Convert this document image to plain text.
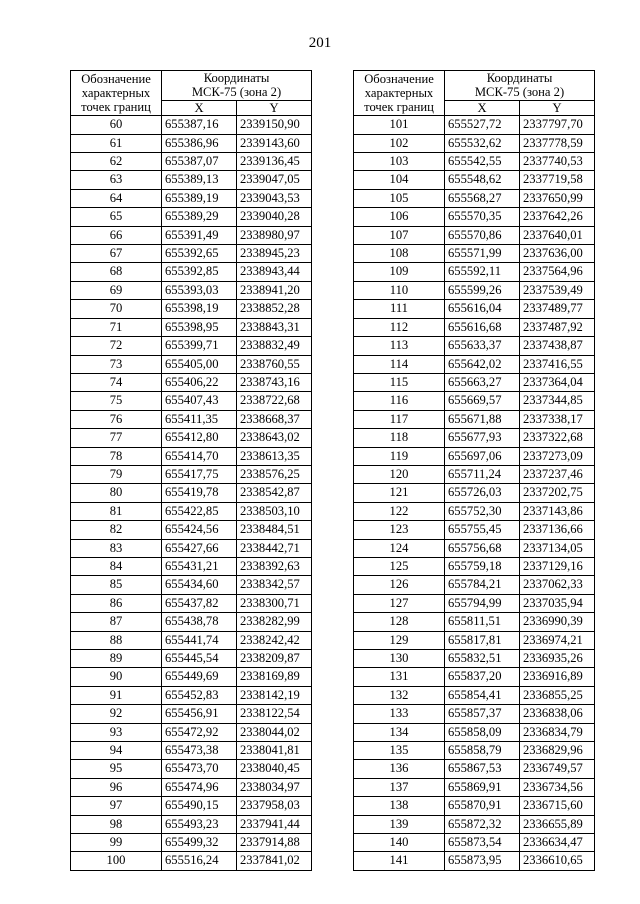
201
Обозначение
характерных
точек границ	Координаты
МСК-75 (зона 2)	
	X	Y
60	655387,16	2339150,90
61	655386,96	2339143,60
62	655387,07	2339136,45
63	655389,13	2339047,05
64	655389,19	2339043,53
65	655389,29	2339040,28
66	655391,49	2338980,97
67	655392,65	2338945,23
68	655392,85	2338943,44
69	655393,03	2338941,20
70	655398,19	2338852,28
71	655398,95	2338843,31
72	655399,71	2338832,49
73	655405,00	2338760,55
74	655406,22	2338743,16
75	655407,43	2338722,68
76	655411,35	2338668,37
77	655412,80	2338643,02
78	655414,70	2338613,35
79	655417,75	2338576,25
80	655419,78	2338542,87
81	655422,85	2338503,10
82	655424,56	2338484,51
83	655427,66	2338442,71
84	655431,21	2338392,63
85	655434,60	2338342,57
86	655437,82	2338300,71
87	655438,78	2338282,99
88	655441,74	2338242,42
89	655445,54	2338209,87
90	655449,69	2338169,89
91	655452,83	2338142,19
92	655456,91	2338122,54
93	655472,92	2338044,02
94	655473,38	2338041,81
95	655473,70	2338040,45
96	655474,96	2338034,97
97	655490,15	2337958,03
98	655493,23	2337941,44
99	655499,32	2337914,88
100	655516,24	2337841,02
Обозначение
характерных
точек границ	Координаты
МСК-75 (зона 2)	
	X	Y
101	655527,72	2337797,70
102	655532,62	2337778,59
103	655542,55	2337740,53
104	655548,62	2337719,58
105	655568,27	2337650,99
106	655570,35	2337642,26
107	655570,86	2337640,01
108	655571,99	2337636,00
109	655592,11	2337564,96
110	655599,26	2337539,49
111	655616,04	2337489,77
112	655616,68	2337487,92
113	655633,37	2337438,87
114	655642,02	2337416,55
115	655663,27	2337364,04
116	655669,57	2337344,85
117	655671,88	2337338,17
118	655677,93	2337322,68
119	655697,06	2337273,09
120	655711,24	2337237,46
121	655726,03	2337202,75
122	655752,30	2337143,86
123	655755,45	2337136,66
124	655756,68	2337134,05
125	655759,18	2337129,16
126	655784,21	2337062,33
127	655794,99	2337035,94
128	655811,51	2336990,39
129	655817,81	2336974,21
130	655832,51	2336935,26
131	655837,20	2336916,89
132	655854,41	2336855,25
133	655857,37	2336838,06
134	655858,09	2336834,79
135	655858,79	2336829,96
136	655867,53	2336749,57
137	655869,91	2336734,56
138	655870,91	2336715,60
139	655872,32	2336655,89
140	655873,54	2336634,47
141	655873,95	2336610,65
